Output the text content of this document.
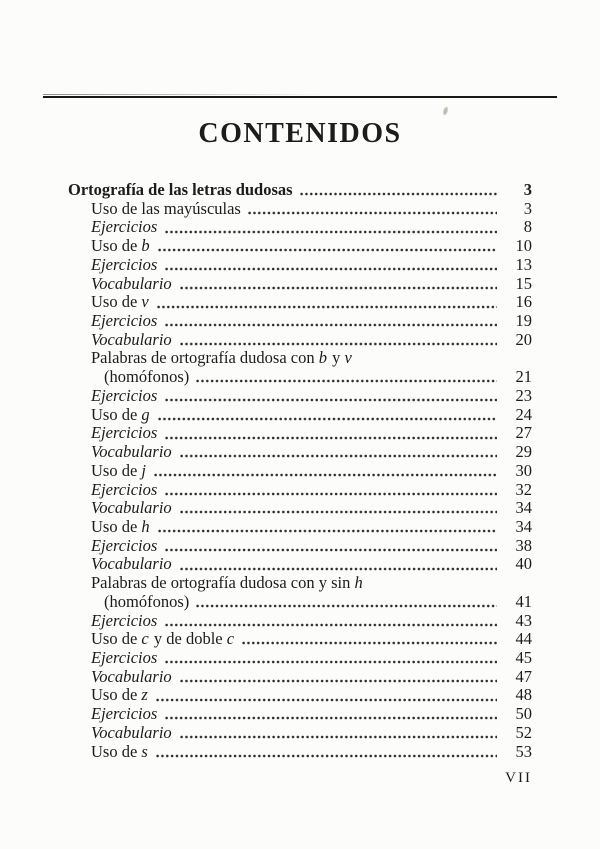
CONTENIDOS
Ortografía de las letras dudosas	3
Uso de las mayúsculas	3
Ejercicios	8
Uso de b	10
Ejercicios	13
Vocabulario	15
Uso de v	16
Ejercicios	19
Vocabulario	20
Palabras de ortografía dudosa con b y v
(homófonos)	21
Ejercicios	23
Uso de g	24
Ejercicios	27
Vocabulario	29
Uso de j	30
Ejercicios	32
Vocabulario	34
Uso de h	34
Ejercicios	38
Vocabulario	40
Palabras de ortografía dudosa con y sin h
(homófonos)	41
Ejercicios	43
Uso de c y de doble c	44
Ejercicios	45
Vocabulario	47
Uso de z	48
Ejercicios	50
Vocabulario	52
Uso de s	53
VII
